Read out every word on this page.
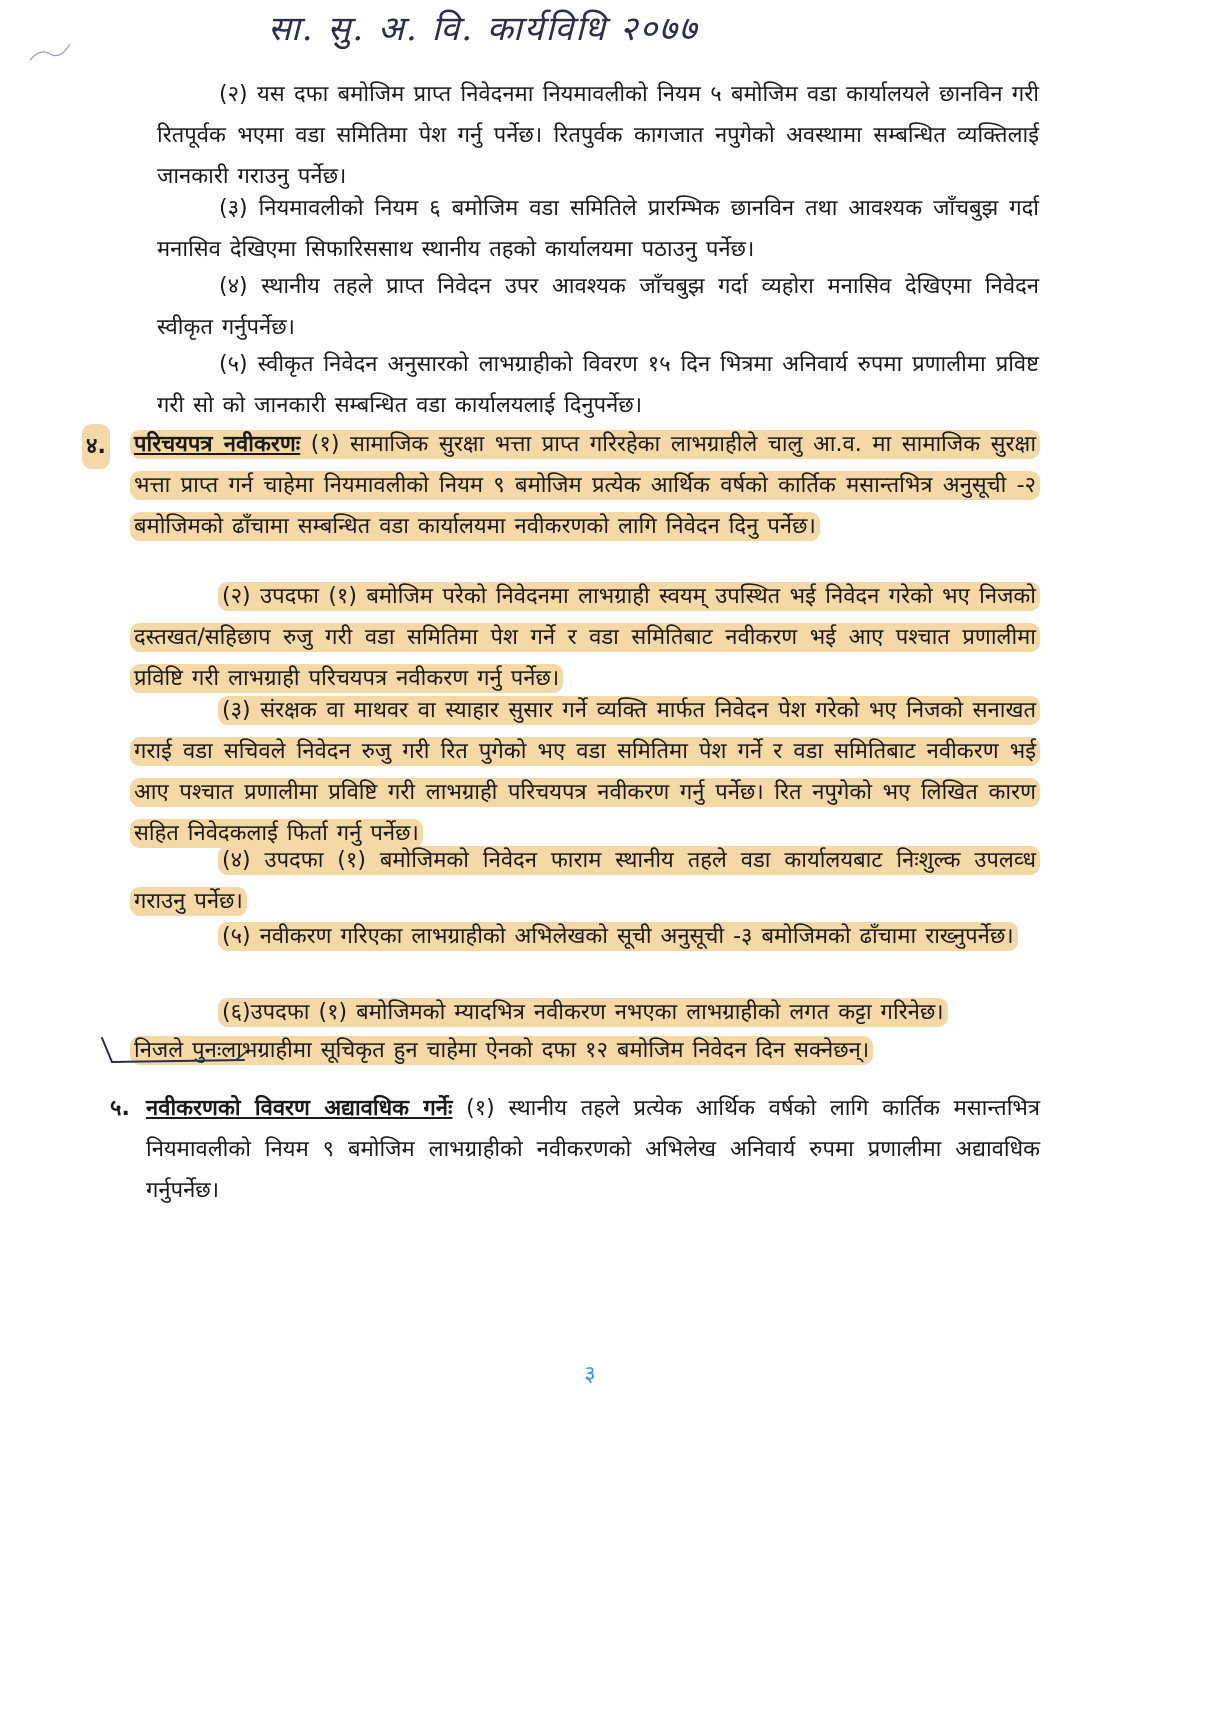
सा. सु. अ. वि. कार्यविधि २०७७

(२) यस दफा बमोजिम प्राप्त निवेदनमा नियमावलीको नियम ५ बमोजिम वडा कार्यालयले छानविन गरी रितपूर्वक भएमा वडा समितिमा पेश गर्नु पर्नेछ। रितपुर्वक कागजात नपुगेको अवस्थामा सम्बन्धित व्यक्तिलाई जानकारी गराउनु पर्नेछ।

(३) नियमावलीको नियम ६ बमोजिम वडा समितिले प्रारम्भिक छानविन तथा आवश्यक जाँचबुझ गर्दा मनासिव देखिएमा सिफारिससाथ स्थानीय तहको कार्यालयमा पठाउनु पर्नेछ।

(४) स्थानीय तहले प्राप्त निवेदन उपर आवश्यक जाँचबुझ गर्दा व्यहोरा मनासिव देखिएमा निवेदन स्वीकृत गर्नुपर्नेछ।

(५) स्वीकृत निवेदन अनुसारको लाभग्राहीको विवरण १५ दिन भित्रमा अनिवार्य रुपमा प्रणालीमा प्रविष्ट गरी सो को जानकारी सम्बन्धित वडा कार्यालयलाई दिनुपर्नेछ।

४. परिचयपत्र नवीकरणः (१) सामाजिक सुरक्षा भत्ता प्राप्त गरिरहेका लाभग्राहीले चालु आ.व. मा सामाजिक सुरक्षा भत्ता प्राप्त गर्न चाहेमा नियमावलीको नियम ९ बमोजिम प्रत्येक आर्थिक वर्षको कार्तिक मसान्तभित्र अनुसूची -२ बमोजिमको ढाँचामा सम्बन्धित वडा कार्यालयमा नवीकरणको लागि निवेदन दिनु पर्नेछ।

(२) उपदफा (१) बमोजिम परेको निवेदनमा लाभग्राही स्वयम् उपस्थित भई निवेदन गरेको भए निजको दस्तखत/सहिछाप रुजु गरी वडा समितिमा पेश गर्ने र वडा समितिबाट नवीकरण भई आए पश्चात प्रणालीमा प्रविष्टि गरी लाभग्राही परिचयपत्र नवीकरण गर्नु पर्नेछ।

(३) संरक्षक वा माथवर वा स्याहार सुसार गर्ने व्यक्ति मार्फत निवेदन पेश गरेको भए निजको सनाखत गराई वडा सचिवले निवेदन रुजु गरी रित पुगेको भए वडा समितिमा पेश गर्ने र वडा समितिबाट नवीकरण भई आए पश्चात प्रणालीमा प्रविष्टि गरी लाभग्राही परिचयपत्र नवीकरण गर्नु पर्नेछ। रित नपुगेको भए लिखित कारण सहित निवेदकलाई फिर्ता गर्नु पर्नेछ।

(४) उपदफा (१) बमोजिमको निवेदन फाराम स्थानीय तहले वडा कार्यालयबाट निःशुल्क उपलव्ध गराउनु पर्नेछ।

(५) नवीकरण गरिएका लाभग्राहीको अभिलेखको सूची अनुसूची -३ बमोजिमको ढाँचामा राख्नुपर्नेछ।

(६)उपदफा (१) बमोजिमको म्यादभित्र नवीकरण नभएका लाभग्राहीको लगत कट्टा गरिनेछ।

निजले पुनःलाभग्राहीमा सूचिकृत हुन चाहेमा ऐनको दफा १२ बमोजिम निवेदन दिन सक्नेछन्।

५. नवीकरणको विवरण अद्यावधिक गर्नेः (१) स्थानीय तहले प्रत्येक आर्थिक वर्षको लागि कार्तिक मसान्तभित्र नियमावलीको नियम ९ बमोजिम लाभग्राहीको नवीकरणको अभिलेख अनिवार्य रुपमा प्रणालीमा अद्यावधिक गर्नुपर्नेछ।

३
